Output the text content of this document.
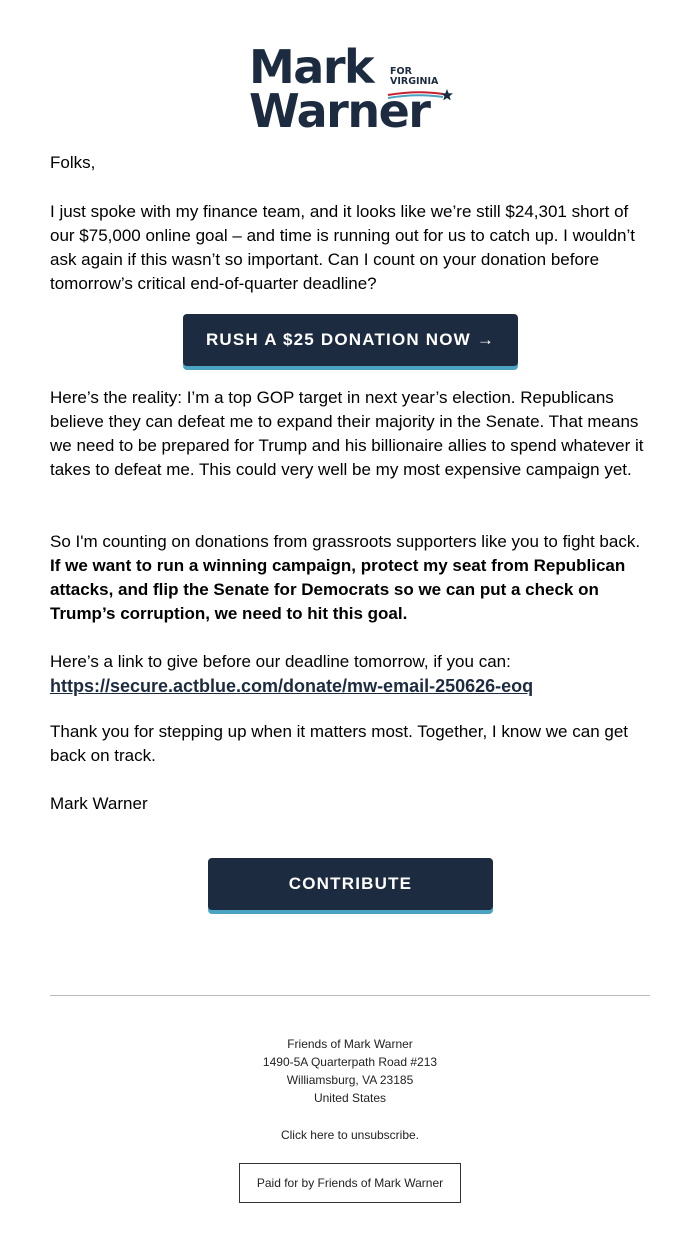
Mark FOR
VIRGINIA
Warner

Folks,

I just spoke with my finance team, and it looks like we’re still $24,301 short of our $75,000 online goal – and time is running out for us to catch up. I wouldn’t ask again if this wasn’t so important. Can I count on your donation before tomorrow’s critical end-of-quarter deadline?

RUSH A $25 DONATION NOW →

Here’s the reality: I’m a top GOP target in next year’s election. Republicans believe they can defeat me to expand their majority in the Senate. That means we need to be prepared for Trump and his billionaire allies to spend whatever it takes to defeat me. This could very well be my most expensive campaign yet.

So I'm counting on donations from grassroots supporters like you to fight back. If we want to run a winning campaign, protect my seat from Republican attacks, and flip the Senate for Democrats so we can put a check on Trump’s corruption, we need to hit this goal.

Here’s a link to give before our deadline tomorrow, if you can:
https://secure.actblue.com/donate/mw-email-250626-eoq

Thank you for stepping up when it matters most. Together, I know we can get back on track.

Mark Warner

CONTRIBUTE
Friends of Mark Warner
1490-5A Quarterpath Road #213
Williamsburg, VA 23185
United States
Click here to unsubscribe.
Paid for by Friends of Mark Warner
